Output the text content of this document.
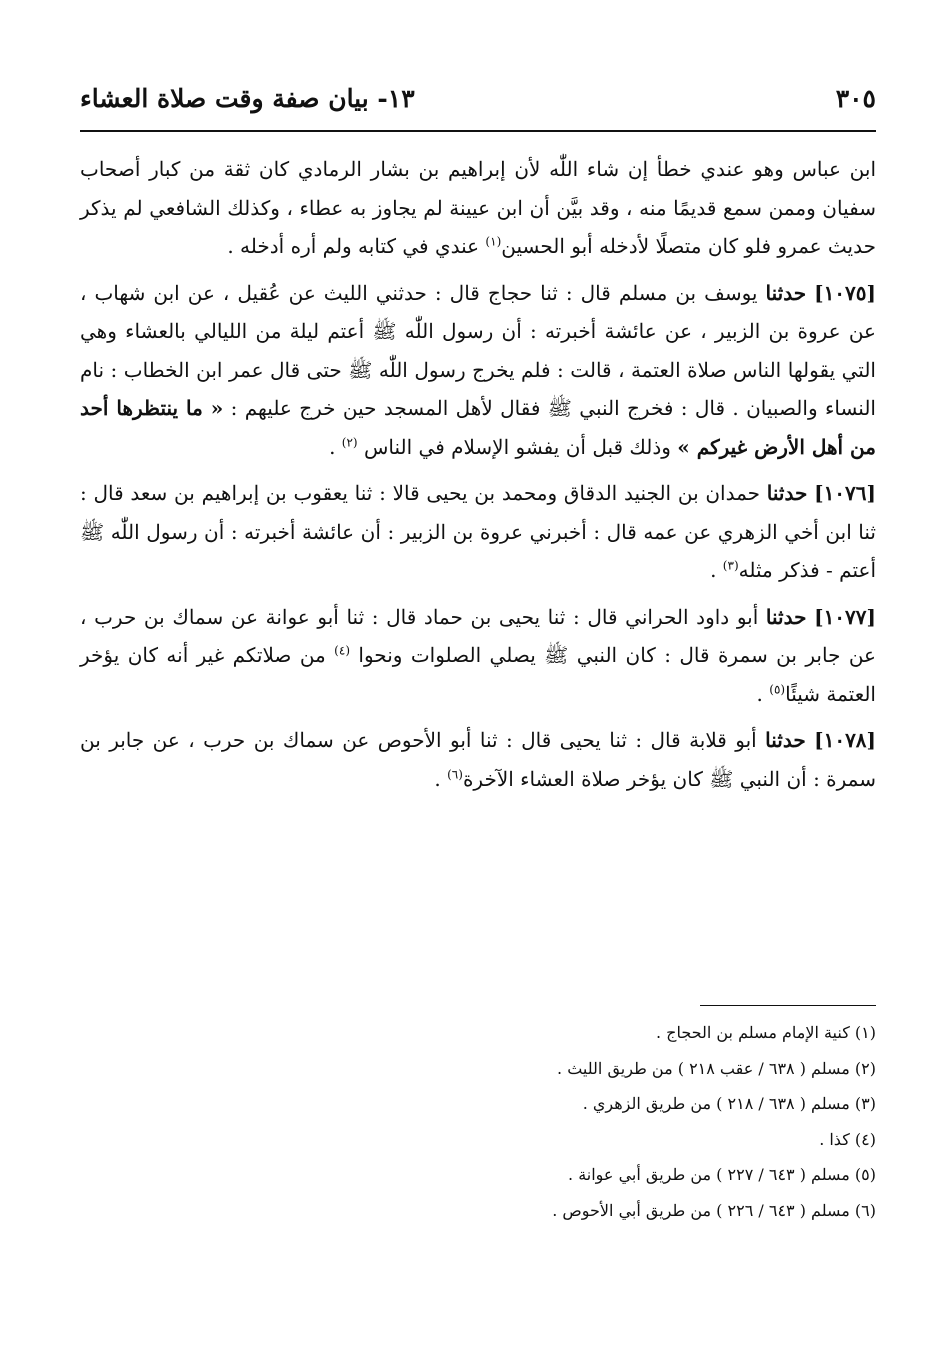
١٣- بيان صفة وقت صلاة العشاء	٣٠٥

ابن عباس وهو عندي خطأ إن شاء اللّٰه لأن إبراهيم بن بشار الرمادي كان ثقة من كبار أصحاب سفيان وممن سمع قديمًا منه ، وقد بيَّن أن ابن عيينة لم يجاوز به عطاء ، وكذلك الشافعي لم يذكر حديث عمرو فلو كان متصلًا لأدخله أبو الحسين$^{(١)}$ عندي في كتابه ولم أره أدخله .

[١٠٧٥] حدثنا يوسف بن مسلم قال : ثنا حجاج قال : حدثني الليث عن عُقيل ، عن ابن شهاب ، عن عروة بن الزبير ، عن عائشة أخبرته : أن رسول اللّٰه ﷺ أعتم ليلة من الليالي بالعشاء وهي التي يقولها الناس صلاة العتمة ، قالت : فلم يخرج رسول اللّٰه ﷺ حتى قال عمر ابن الخطاب : نام النساء والصبيان . قال : فخرج النبي ﷺ فقال لأهل المسجد حين خرج عليهم : « ما ينتظرها أحد من أهل الأرض غيركم » وذلك قبل أن يفشو الإسلام في الناس $^{(٢)}$ .

[١٠٧٦] حدثنا حمدان بن الجنيد الدقاق ومحمد بن يحيى قالا : ثنا يعقوب بن إبراهيم بن سعد قال : ثنا ابن أخي الزهري عن عمه قال : أخبرني عروة بن الزبير : أن عائشة أخبرته : أن رسول اللّٰه ﷺ أعتم - فذكر مثله$^{(٣)}$ .

[١٠٧٧] حدثنا أبو داود الحراني قال : ثنا يحيى بن حماد قال : ثنا أبو عوانة عن سماك بن حرب ، عن جابر بن سمرة قال : كان النبي ﷺ يصلي الصلوات ونحوا $^{(٤)}$ من صلاتكم غير أنه كان يؤخر العتمة شيئًا$^{(٥)}$ .

[١٠٧٨] حدثنا أبو قلابة قال : ثنا يحيى قال : ثنا أبو الأحوص عن سماك بن حرب ، عن جابر بن سمرة : أن النبي ﷺ كان يؤخر صلاة العشاء الآخرة$^{(٦)}$ .

(١) كنية الإمام مسلم بن الحجاج .

(٢) مسلم ( ٦٣٨ / عقب ٢١٨ ) من طريق الليث .

(٣) مسلم ( ٦٣٨ / ٢١٨ ) من طريق الزهري .

(٤) كذا .

(٥) مسلم ( ٦٤٣ / ٢٢٧ ) من طريق أبي عوانة .

(٦) مسلم ( ٦٤٣ / ٢٢٦ ) من طريق أبي الأحوص .
